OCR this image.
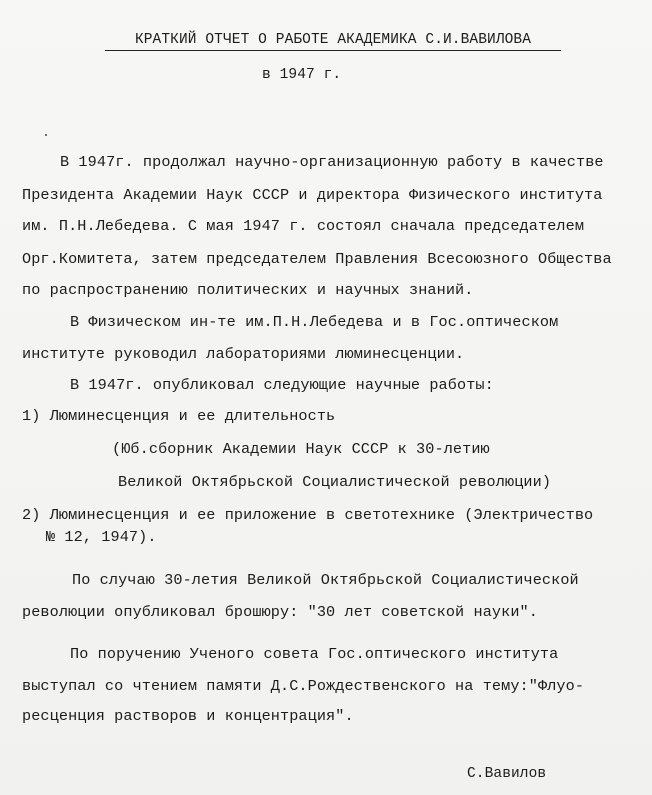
КРАТКИЙ ОТЧЕТ О РАБОТЕ АКАДЕМИКА С.И.ВАВИЛОВА
в 1947 г.
В 1947г. продолжал научно-организационную работу в качестве
Президента Академии Наук СССР и директора Физического института
им. П.Н.Лебедева. С мая 1947 г. состоял сначала председателем
Орг.Комитета, затем председателем Правления Всесоюзного Общества
по распространению политических и научных знаний.
В Физическом ин-те им.П.Н.Лебедева и в Гос.оптическом
институте руководил лабораториями люминесценции.
В 1947г. опубликовал следующие научные работы:
1) Люминесценция и ее длительность
(Юб.сборник Академии Наук СССР к 30-летию
Великой Октябрьской Социалистической революции)
2) Люминесценция и ее приложение в светотехнике (Электричество
№ 12, 1947).
По случаю 30-летия Великой Октябрьской Социалистической
революции опубликовал брошюру: "30 лет советской науки".
По поручению Ученого совета Гос.оптического института
выступал со чтением памяти Д.С.Рождественского на тему:"Флуо-
ресценция растворов и концентрация".
С.Вавилов
